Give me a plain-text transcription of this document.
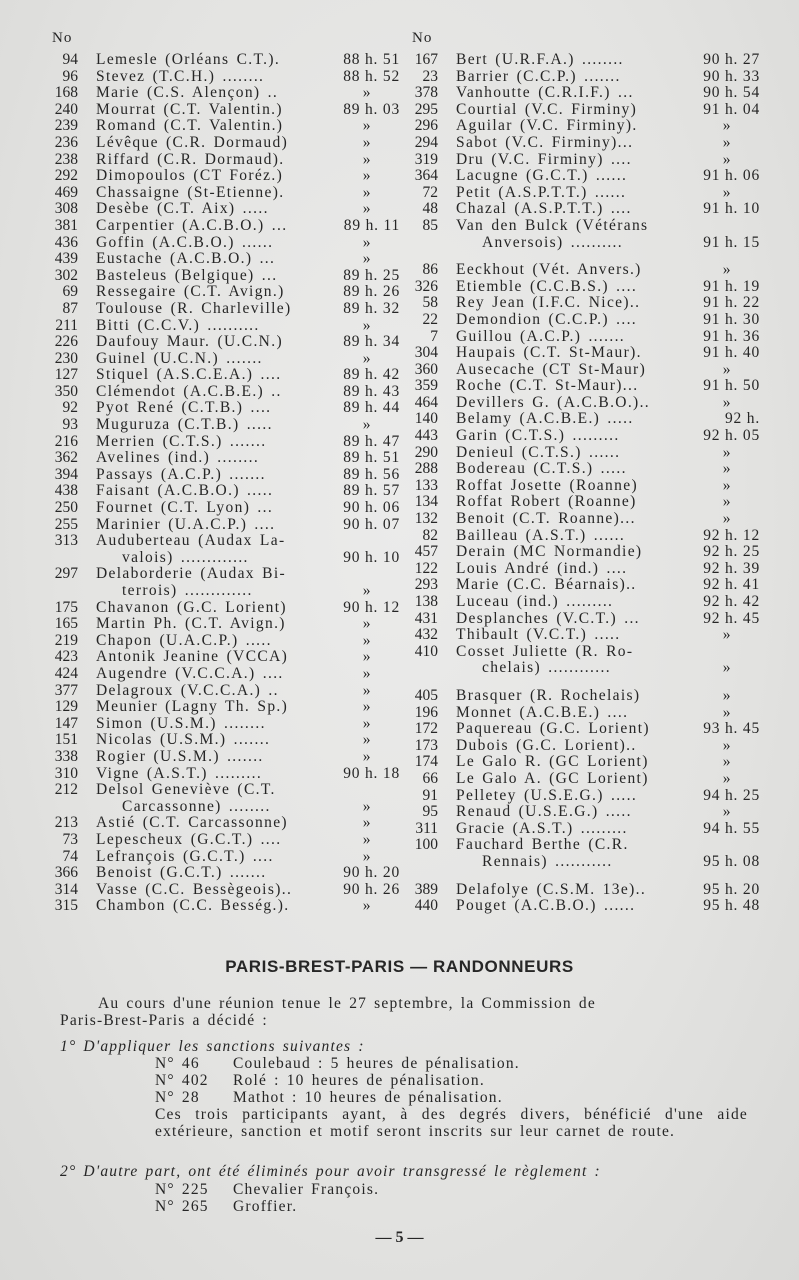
No	No
94 Lemesle (Orléans C.T.).	88 h. 51
96 Stevez (T.C.H.) ........	88 h. 52
168 Marie (C.S. Alençon) ..	»
240 Mourrat (C.T. Valentin.)	89 h. 03
239 Romand (C.T. Valentin.)	»
236 Lévêque (C.R. Dormaud)	»
238 Riffard (C.R. Dormaud).	»
292 Dimopoulos (CT Foréz.)	»
469 Chassaigne (St-Etienne).	»
308 Desèbe (C.T. Aix) .....	»
381 Carpentier (A.C.B.O.) ...	89 h. 11
436 Goffin (A.C.B.O.) ......	»
439 Eustache (A.C.B.O.) ...	»
302 Basteleus (Belgique) ...	89 h. 25
69 Ressegaire (C.T. Avign.)	89 h. 26
87 Toulouse (R. Charleville)	89 h. 32
211 Bitti (C.C.V.) ..........	»
226 Daufouy Maur. (U.C.N.)	89 h. 34
230 Guinel (U.C.N.) .......	»
127 Stiquel (A.S.C.E.A.) ....	89 h. 42
350 Clémendot (A.C.B.E.) ..	89 h. 43
92 Pyot René (C.T.B.) ....	89 h. 44
93 Muguruza (C.T.B.) .....	»
216 Merrien (C.T.S.) .......	89 h. 47
362 Avelines (ind.) ........	89 h. 51
394 Passays (A.C.P.) .......	89 h. 56
438 Faisant (A.C.B.O.) .....	89 h. 57
250 Fournet (C.T. Lyon) ...	90 h. 06
255 Marinier (U.A.C.P.) ....	90 h. 07
313 Auduberteau (Audax La-
valois) .............	90 h. 10
297 Delaborderie (Audax Bi-
terrois) .............	»
175 Chavanon (G.C. Lorient)	90 h. 12
165 Martin Ph. (C.T. Avign.)	»
219 Chapon (U.A.C.P.) .....	»
423 Antonik Jeanine (VCCA)	»
424 Augendre (V.C.C.A.) ....	»
377 Delagroux (V.C.C.A.) ..	»
129 Meunier (Lagny Th. Sp.)	»
147 Simon (U.S.M.) ........	»
151 Nicolas (U.S.M.) .......	»
338 Rogier (U.S.M.) .......	»
310 Vigne (A.S.T.) .........	90 h. 18
212 Delsol Geneviève (C.T.
Carcassonne) ........	»
213 Astié (C.T. Carcassonne)	»
73 Lepescheux (G.C.T.) ....	»
74 Lefrançois (G.C.T.) ....	»
366 Benoist (G.C.T.) .......	90 h. 20
314 Vasse (C.C. Bessègeois)..	90 h. 26
315 Chambon (C.C. Besség.).	»
167 Bert (U.R.F.A.) ........	90 h. 27
23 Barrier (C.C.P.) .......	90 h. 33
378 Vanhoutte (C.R.I.F.) ...	90 h. 54
295 Courtial (V.C. Firminy)	91 h. 04
296 Aguilar (V.C. Firminy).	»
294 Sabot (V.C. Firminy)...	»
319 Dru (V.C. Firminy) ....	»
364 Lacugne (G.C.T.) ......	91 h. 06
72 Petit (A.S.P.T.T.) ......	»
48 Chazal (A.S.P.T.T.) ....	91 h. 10
85 Van den Bulck (Vétérans
Anversois) ..........	91 h. 15
86 Eeckhout (Vét. Anvers.)	»
326 Etiemble (C.C.B.S.) ....	91 h. 19
58 Rey Jean (I.F.C. Nice)..	91 h. 22
22 Demondion (C.C.P.) ....	91 h. 30
7 Guillou (A.C.P.) .......	91 h. 36
304 Haupais (C.T. St-Maur).	91 h. 40
360 Ausecache (CT St-Maur)	»
359 Roche (C.T. St-Maur)...	91 h. 50
464 Devillers G. (A.C.B.O.)..	»
140 Belamy (A.C.B.E.) .....	92 h.
443 Garin (C.T.S.) .........	92 h. 05
290 Denieul (C.T.S.) ......	»
288 Bodereau (C.T.S.) .....	»
133 Roffat Josette (Roanne)	»
134 Roffat Robert (Roanne)	»
132 Benoit (C.T. Roanne)...	»
82 Bailleau (A.S.T.) ......	92 h. 12
457 Derain (MC Normandie)	92 h. 25
122 Louis André (ind.) ....	92 h. 39
293 Marie (C.C. Béarnais)..	92 h. 41
138 Luceau (ind.) .........	92 h. 42
431 Desplanches (V.C.T.) ...	92 h. 45
432 Thibault (V.C.T.) .....	»
410 Cosset Juliette (R. Ro-
chelais) ............	»
405 Brasquer (R. Rochelais)	»
196 Monnet (A.C.B.E.) ....	»
172 Paquereau (G.C. Lorient)	93 h. 45
173 Dubois (G.C. Lorient)..	»
174 Le Galo R. (GC Lorient)	»
66 Le Galo A. (GC Lorient)	»
91 Pelletey (U.S.E.G.) .....	94 h. 25
95 Renaud (U.S.E.G.) .....	»
311 Gracie (A.S.T.) .........	94 h. 55
100 Fauchard Berthe (C.R.
Rennais) ...........	95 h. 08
389 Delafolye (C.S.M. 13e)..	95 h. 20
440 Pouget (A.C.B.O.) ......	95 h. 48
PARIS-BREST-PARIS — RANDONNEURS
Au cours d'une réunion tenue le 27 septembre, la Commission de
Paris-Brest-Paris a décidé :
1° D'appliquer les sanctions suivantes :
N° 46	Coulebaud : 5 heures de pénalisation.
N° 402	Rolé : 10 heures de pénalisation.
N° 28	Mathot : 10 heures de pénalisation.
Ces trois participants ayant, à des degrés divers, bénéficié d'une aide extérieure, sanction et motif seront inscrits sur leur carnet de route.
2° D'autre part, ont été éliminés pour avoir transgressé le règlement :
N° 225	Chevalier François.
N° 265	Groffier.
— 5 —
